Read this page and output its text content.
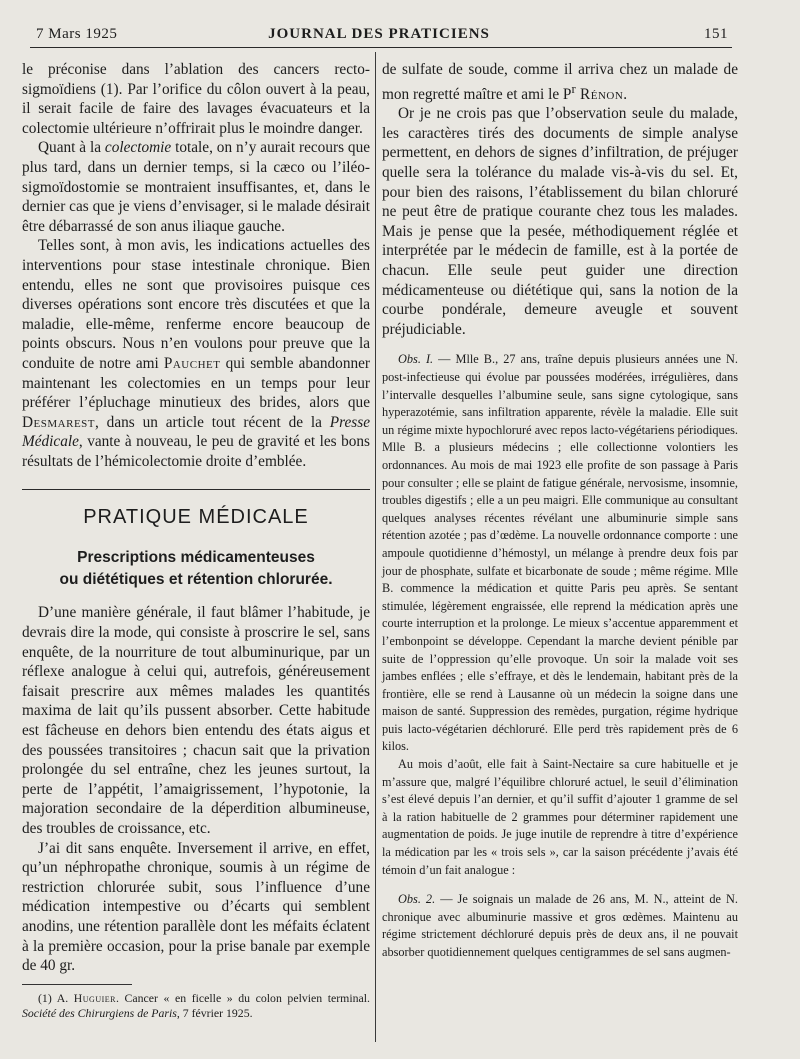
7 Mars 1925	JOURNAL DES PRATICIENS	151

le préconise dans l’ablation des cancers recto-sigmoïdiens (1). Par l’orifice du côlon ouvert à la peau, il serait facile de faire des lavages évacuateurs et la colectomie ultérieure n’offrirait plus le moindre danger.

Quant à la colectomie totale, on n’y aurait recours que plus tard, dans un dernier temps, si la cæco ou l’iléo-sigmoïdostomie se montraient insuffisantes, et, dans le dernier cas que je viens d’envisager, si le malade désirait être débarrassé de son anus iliaque gauche.

Telles sont, à mon avis, les indications actuelles des interventions pour stase intestinale chronique. Bien entendu, elles ne sont que provisoires puisque ces diverses opérations sont encore très discutées et que la maladie, elle-même, renferme encore beaucoup de points obscurs. Nous n’en voulons pour preuve que la conduite de notre ami Pauchet qui semble abandonner maintenant les colectomies en un temps pour leur préférer l’épluchage minutieux des brides, alors que Desmarest, dans un article tout récent de la Presse Médicale, vante à nouveau, le peu de gravité et les bons résultats de l’hémicolectomie droite d’emblée.

PRATIQUE MÉDICALE
Prescriptions médicamenteuses
ou diététiques et rétention chlorurée.

D’une manière générale, il faut blâmer l’habitude, je devrais dire la mode, qui consiste à proscrire le sel, sans enquête, de la nourriture de tout albuminurique, par un réflexe analogue à celui qui, autrefois, généreusement faisait prescrire aux mêmes malades les quantités maxima de lait qu’ils pussent absorber. Cette habitude est fâcheuse en dehors bien entendu des états aigus et des poussées transitoires ; chacun sait que la privation prolongée du sel entraîne, chez les jeunes surtout, la perte de l’appétit, l’amaigrissement, l’hypotonie, la majoration secondaire de la déperdition albumineuse, des troubles de croissance, etc.

J’ai dit sans enquête. Inversement il arrive, en effet, qu’un néphropathe chronique, soumis à un régime de restriction chlorurée subit, sous l’influence d’une médication intempestive ou d’écarts qui semblent anodins, une rétention parallèle dont les méfaits éclatent à la première occasion, pour la prise banale par exemple de 40 gr.

(1) A. Huguier. Cancer « en ficelle » du colon pelvien terminal. Société des Chirurgiens de Paris, 7 février 1925.

de sulfate de soude, comme il arriva chez un malade de mon regretté maître et ami le $P^r$ Rénon.

Or je ne crois pas que l’observation seule du malade, les caractères tirés des documents de simple analyse permettent, en dehors de signes d’infiltration, de préjuger quelle sera la tolérance du malade vis-à-vis du sel. Et, pour bien des raisons, l’établissement du bilan chloruré ne peut être de pratique courante chez tous les malades. Mais je pense que la pesée, méthodiquement réglée et interprétée par le médecin de famille, est à la portée de chacun. Elle seule peut guider une direction médicamenteuse ou diététique qui, sans la notion de la courbe pondérale, demeure aveugle et souvent préjudiciable.

Obs. I. — Mlle B., 27 ans, traîne depuis plusieurs années une N. post-infectieuse qui évolue par poussées modérées, irrégulières, dans l’intervalle desquelles l’albumine seule, sans signe cytologique, sans hyperazotémie, sans infiltration apparente, révèle la maladie. Elle suit un régime mixte hypochloruré avec repos lacto-végétariens périodiques. Mlle B. a plusieurs médecins ; elle collectionne volontiers les ordonnances. Au mois de mai 1923 elle profite de son passage à Paris pour consulter ; elle se plaint de fatigue générale, nervosisme, insomnie, troubles digestifs ; elle a un peu maigri. Elle communique au consultant quelques analyses récentes révélant une albuminurie simple sans rétention azotée ; pas d’œdème. La nouvelle ordonnance comporte : une ampoule quotidienne d’hémostyl, un mélange à prendre deux fois par jour de phosphate, sulfate et bicarbonate de soude ; même régime. Mlle B. commence la médication et quitte Paris peu après. Se sentant stimulée, légèrement engraissée, elle reprend la médication après une courte interruption et la prolonge. Le mieux s’accentue apparemment et l’embonpoint se développe. Cependant la marche devient pénible par suite de l’oppression qu’elle provoque. Un soir la malade voit ses jambes enflées ; elle s’effraye, et dès le lendemain, habitant près de la frontière, elle se rend à Lausanne où un médecin la soigne dans une maison de santé. Suppression des remèdes, purgation, régime hydrique puis lacto-végétarien déchloruré. Elle perd très rapidement près de 6 kilos.

Au mois d’août, elle fait à Saint-Nectaire sa cure habituelle et je m’assure que, malgré l’équilibre chloruré actuel, le seuil d’élimination s’est élevé depuis l’an dernier, et qu’il suffit d’ajouter 1 gramme de sel à la ration habituelle de 2 grammes pour déterminer rapidement une augmentation de poids. Je juge inutile de reprendre à titre d’expérience la médication par les « trois sels », car la saison précédente j’avais été témoin d’un fait analogue :

Obs. 2. — Je soignais un malade de 26 ans, M. N., atteint de N. chronique avec albuminurie massive et gros œdèmes. Maintenu au régime strictement déchloruré depuis près de deux ans, il ne pouvait absorber quotidiennement quelques centigrammes de sel sans augmen-
